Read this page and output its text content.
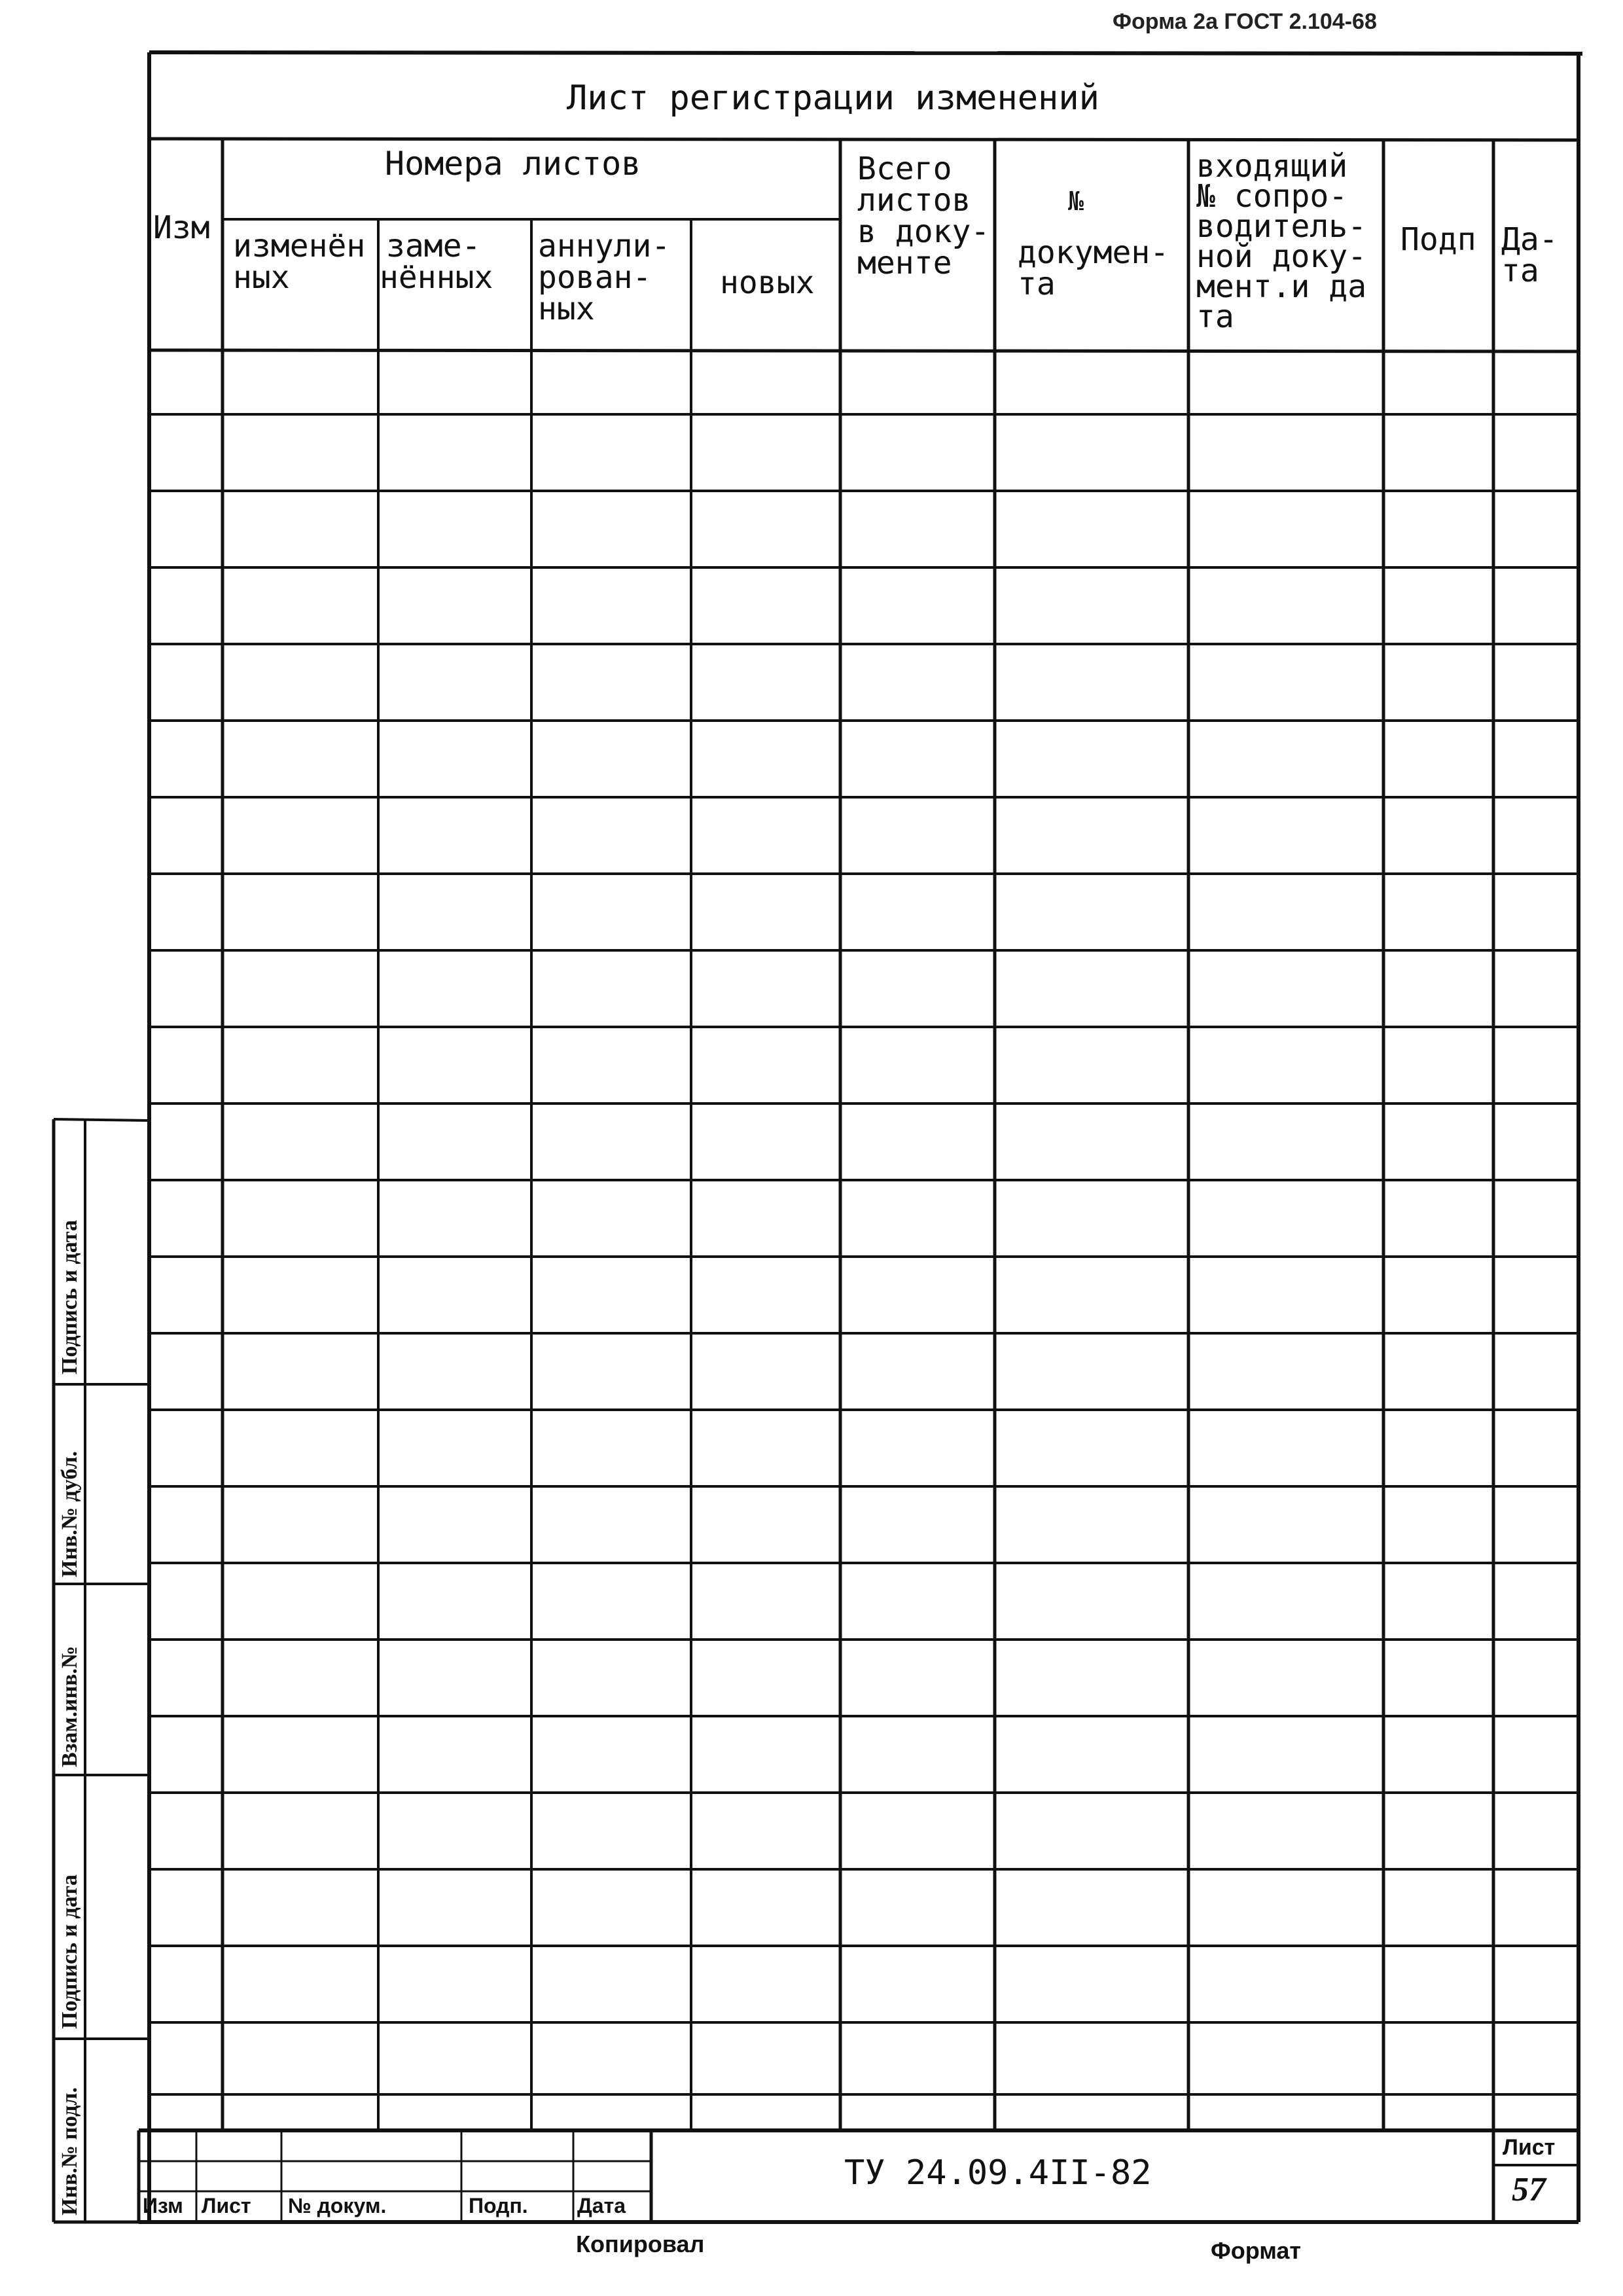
Форма 2а ГОСТ 2.104-68
Лист регистрации изменений
Изм
Номера листов
изменён
ных
заме-
нённых
аннули-
рован-
ных
новых
Всего
листов
в доку-
менте
№
докумен-
та
входящий
№ сопро-
водитель-
ной доку-
мент.и да
та
Подп Да-
та
Изм Лист № докум.	Подп. Дата
ТУ 24.09.4II-82
Лист
57
Копировал	Формат
Инв.№ подл.
Подпись и дата
Взам.инв.№
Инв.№ дубл.
Подпись и дата
